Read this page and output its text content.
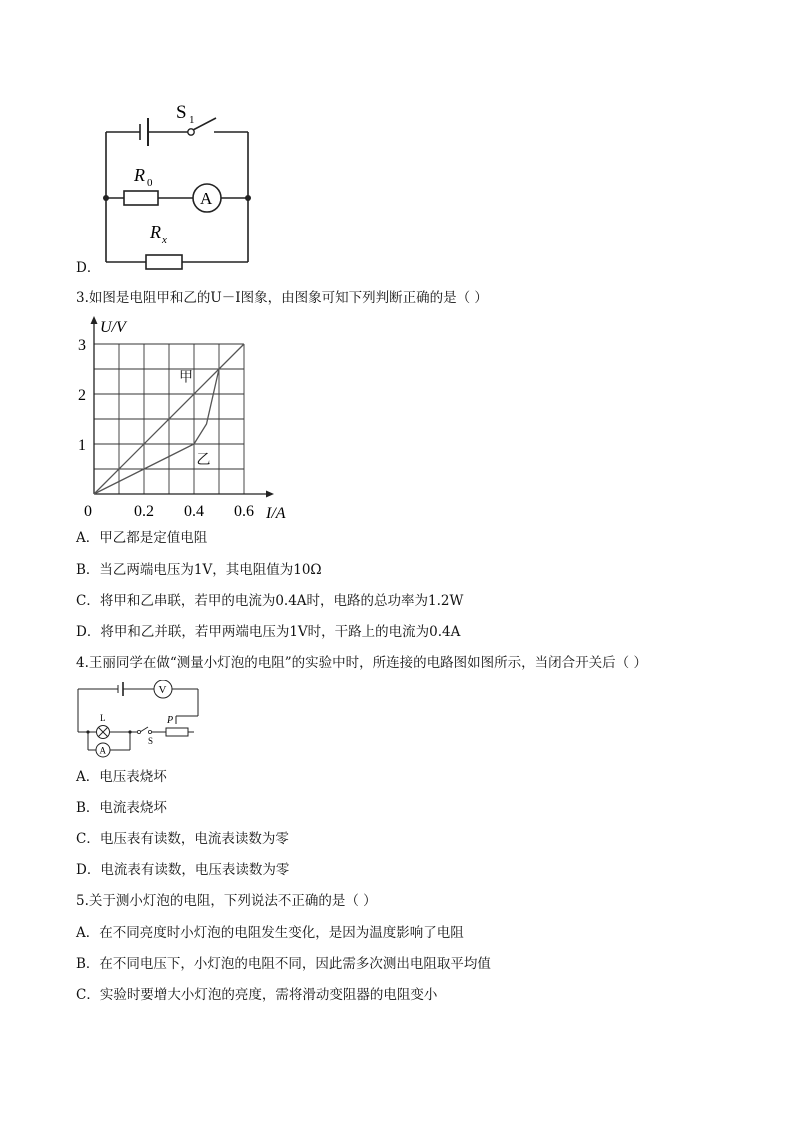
S 1
R 0
A
R x
D．
3.如图是电阻甲和乙的U－I图象，由图象可知下列判断正确的是（ ）
甲
乙
0	0.2 0.4 0.6
1
2
3
U/V
I/A
A．甲乙都是定值电阻
B．当乙两端电压为1V，其电阻值为10Ω
C．将甲和乙串联，若甲的电流为0.4A时，电路的总功率为1.2W
D．将甲和乙并联，若甲两端电压为1V时，干路上的电流为0.4A
4.王丽同学在做“测量小灯泡的电阻”的实验中时，所连接的电路图如图所示，当闭合开关后（ ）
V
L
S
P
A
A．电压表烧坏
B．电流表烧坏
C．电压表有读数，电流表读数为零
D．电流表有读数，电压表读数为零
5.关于测小灯泡的电阻，下列说法不正确的是（ ）
A．在不同亮度时小灯泡的电阻发生变化，是因为温度影响了电阻
B．在不同电压下，小灯泡的电阻不同，因此需多次测出电阻取平均值
C．实验时要增大小灯泡的亮度，需将滑动变阻器的电阻变小
